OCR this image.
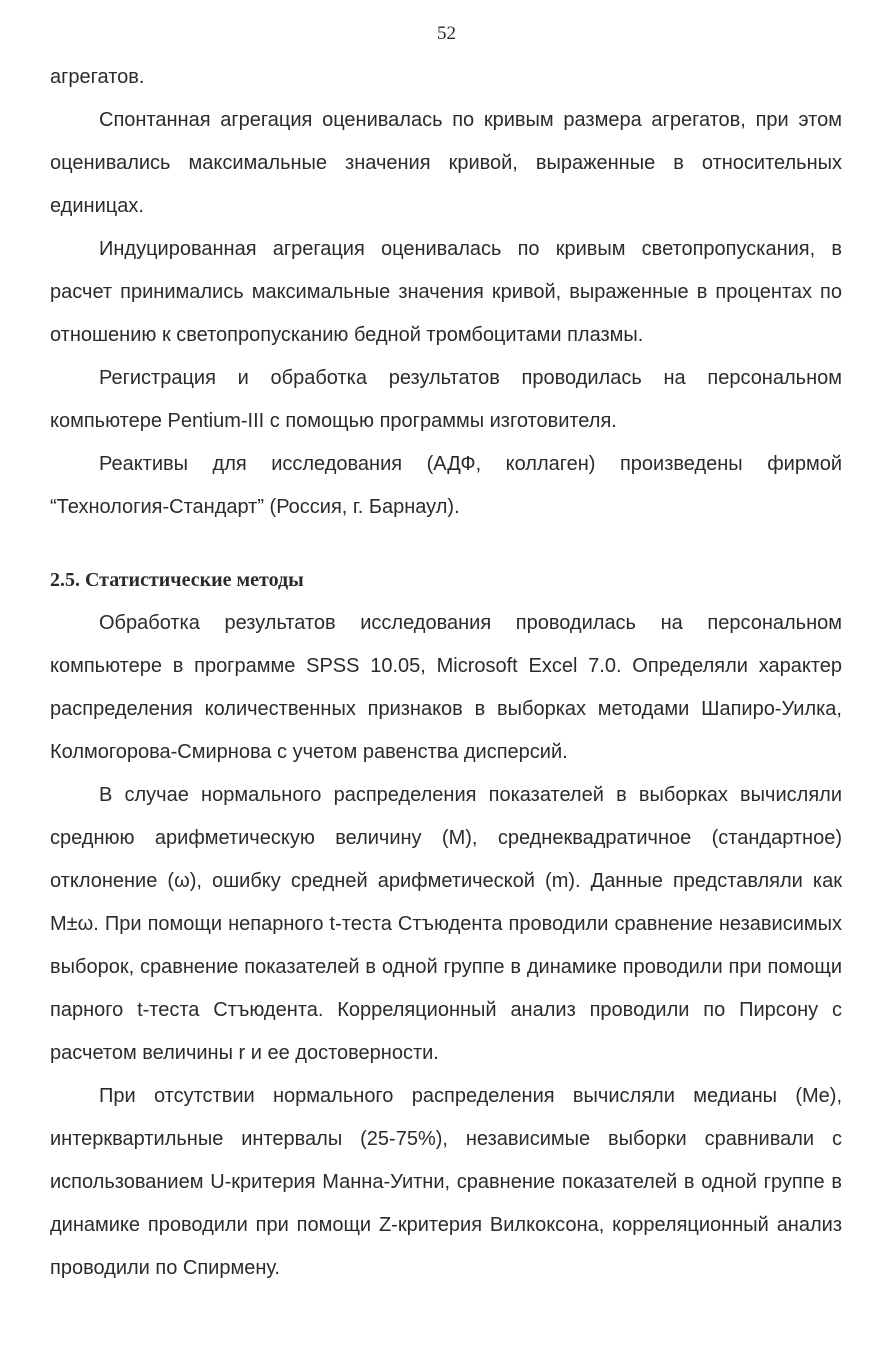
52

агрегатов.

Спонтанная агрегация оценивалась по кривым размера агрегатов, при этом оценивались максимальные значения кривой, выраженные в относительных единицах.

Индуцированная агрегация оценивалась по кривым светопропускания, в расчет принимались максимальные значения кривой, выраженные в процентах по отношению к светопропусканию бедной тромбоцитами плазмы.

Регистрация и обработка результатов проводилась на персональном компьютере Pentium-III с помощью программы изготовителя.

Реактивы для исследования (АДФ, коллаген) произведены фирмой “Технология-Стандарт” (Россия, г. Барнаул).

2.5. Статистические методы

Обработка результатов исследования проводилась на персональном компьютере в программе SPSS 10.05, Microsoft Excel 7.0. Определяли характер распределения количественных признаков в выборках методами Шапиро-Уилка, Колмогорова-Смирнова с учетом равенства дисперсий.

В случае нормального распределения показателей в выборках вычисляли среднюю арифметическую величину (М), среднеквадратичное (стандартное) отклонение (ω), ошибку средней арифметической (m). Данные представляли как М±ω. При помощи непарного t-теста Стъюдента проводили сравнение независимых выборок, сравнение показателей в одной группе в динамике проводили при помощи парного t-теста Стъюдента. Корреляционный анализ проводили по Пирсону с расчетом величины r и ее достоверности.

При отсутствии нормального распределения вычисляли медианы (Me), интерквартильные интервалы (25-75%), независимые выборки сравнивали с использованием U-критерия Манна-Уитни, сравнение показателей в одной группе в динамике проводили при помощи Z-критерия Вилкоксона, корреляционный анализ проводили по Спирмену.
